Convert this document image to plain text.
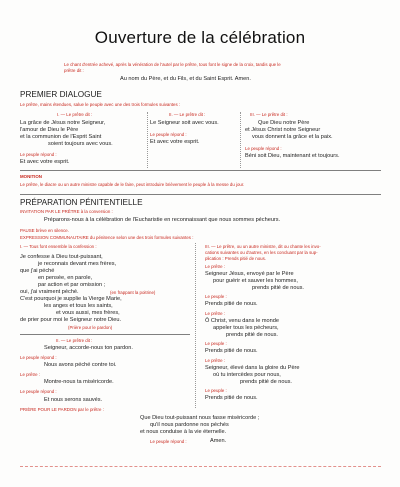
Ouverture de la célébration
Le chant d'entrée achevé, après la vénération de l'autel par le prêtre, tous font le signe de la croix, tandis que le
prêtre dit :
Au nom du Père, et du Fils, et du Saint Esprit. Amen.
PREMIER DIALOGUE
Le prêtre, mains étendues, salue le peuple avec une des trois formules suivantes :
I. — Le prêtre dit :
La grâce de Jésus notre Seigneur,
l'amour de Dieu le Père
et la communion de l'Esprit Saint
soient toujours avec vous.
Le peuple répond :
Et avec votre esprit.
II. — Le prêtre dit :
Le Seigneur soit avec vous.
Le peuple répond :
Et avec votre esprit.
III. — Le prêtre dit :
Que Dieu notre Père
et Jésus Christ notre Seigneur
vous donnent la grâce et la paix.
Le peuple répond :
Béni soit Dieu, maintenant et toujours.
MONITION
Le prêtre, le diacre ou un autre ministre capable de le faire, peut introduire brièvement le peuple à la messe du jour.
PRÉPARATION PÉNITENTIELLE
INVITATION PAR LE PRÊTRE à la conversion :
Préparons-nous à la célébration de l'Eucharistie en reconnaissant que nous sommes pécheurs.
PAUSE brève en silence.
EXPRESSION COMMUNAUTAIRE du pénitence selon une des trois formules suivantes :
I. — Tous font ensemble la confession :
Je confesse à Dieu tout-puissant,
je reconnais devant mes frères,
que j'ai péché
en pensée, en parole,
par action et par omission ;
oui, j'ai vraiment péché.	(en frappant la poitrine)
C'est pourquoi je supplie la Vierge Marie,
les anges et tous les saints,
et vous aussi, mes frères,
de prier pour moi le Seigneur notre Dieu.
(Prière pour le pardon)
II. — Le prêtre dit :
Seigneur, accorde-nous ton pardon.
Le peuple répond :
Nous avons péché contre toi.
Le prêtre :
Montre-nous ta miséricorde.
Le peuple répond :
Et nous serons sauvés.
III. — Le prêtre, ou un autre ministre, dit ou chante les invo-
cations suivantes ou d'autres, en les concluant par la sup-
plication : Prends pitié de nous.
Le prêtre :
Seigneur Jésus, envoyé par le Père
pour guérir et sauver les hommes,
prends pitié de nous.
Le peuple :
Prends pitié de nous.
Le prêtre :
Ô Christ, venu dans le monde
appeler tous les pécheurs,
prends pitié de nous.
Le peuple :
Prends pitié de nous.
Le prêtre :
Seigneur, élevé dans la gloire du Père
où tu intercèdes pour nous,
prends pitié de nous.
Le peuple :
Prends pitié de nous.
PRIÈRE POUR LE PARDON par le prêtre :
Que Dieu tout-puissant nous fasse miséricorde ;
qu'il nous pardonne nos péchés
et nous conduise à la vie éternelle.
Le peuple répond :	Amen.
